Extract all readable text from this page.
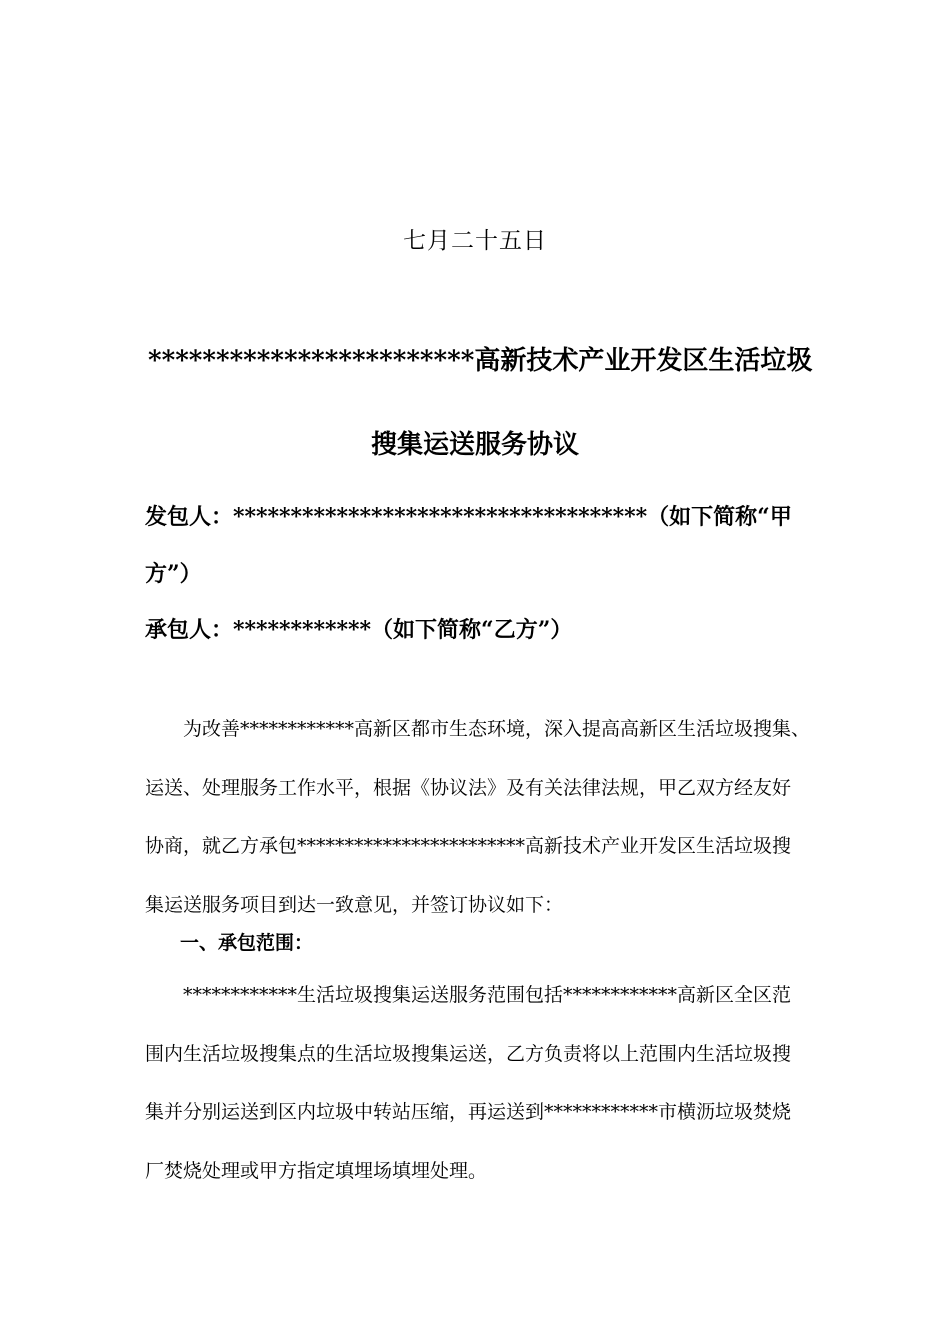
七月二十五日
************************高新技术产业开发区生活垃圾
搜集运送服务协议
发包人：************************************（如下简称“甲
方”）
承包人：************（如下简称“乙方”）
为改善************高新区都市生态环境，深入提高高新区生活垃圾搜集、
运送、处理服务工作水平，根据《协议法》及有关法律法规，甲乙双方经友好
协商，就乙方承包************************高新技术产业开发区生活垃圾搜
集运送服务项目到达一致意见，并签订协议如下：
一、承包范围：
************生活垃圾搜集运送服务范围包括************高新区全区范
围内生活垃圾搜集点的生活垃圾搜集运送，乙方负责将以上范围内生活垃圾搜
集并分别运送到区内垃圾中转站压缩，再运送到************市横沥垃圾焚烧
厂焚烧处理或甲方指定填埋场填埋处理。
